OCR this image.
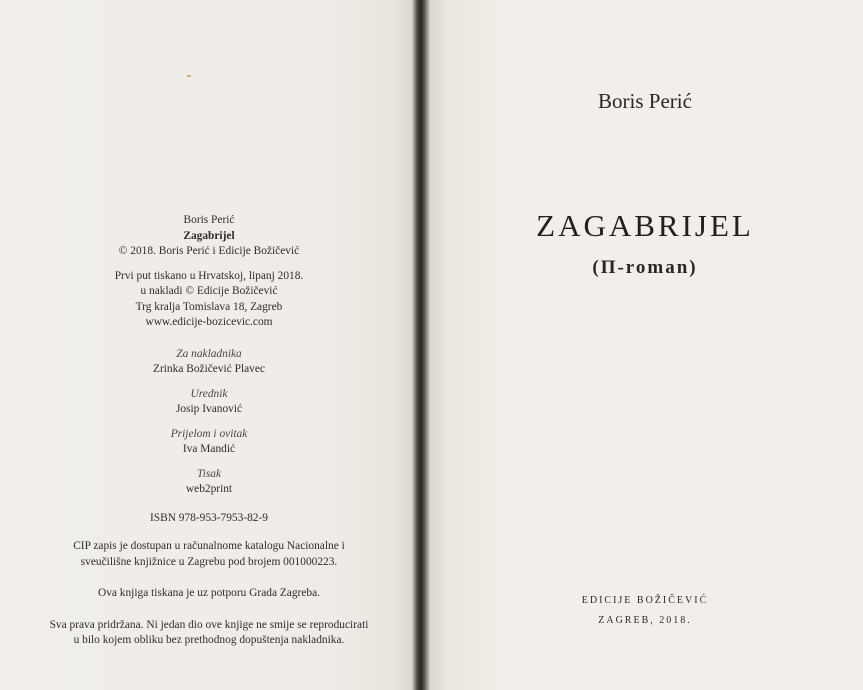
Boris Perić
Zagabrijel
© 2018. Boris Perić i Edicije Božičević
Prvi put tiskano u Hrvatskoj, lipanj 2018.
u nakladi © Edicije Božičević
Trg kralja Tomislava 18, Zagreb
www.edicije-bozicevic.com
Za nakladnika
Zrinka Božičević Plavec
Urednik
Josip Ivanović
Prijelom i ovitak
Iva Mandić
Tisak
web2print
ISBN 978-953-7953-82-9
CIP zapis je dostupan u računalnome katalogu Nacionalne i
sveučilišne knjižnice u Zagrebu pod brojem 001000223.
Ova knjiga tiskana je uz potporu Grada Zagreba.
Sva prava pridržana. Ni jedan dio ove knjige ne smije se reproducirati
u bilo kojem obliku bez prethodnog dopuštenja nakladnika.
Boris Perić
ZAGABRIJEL
(Π-roman)
EDICIJE BOŽIČEVIĆ
ZAGREB, 2018.
